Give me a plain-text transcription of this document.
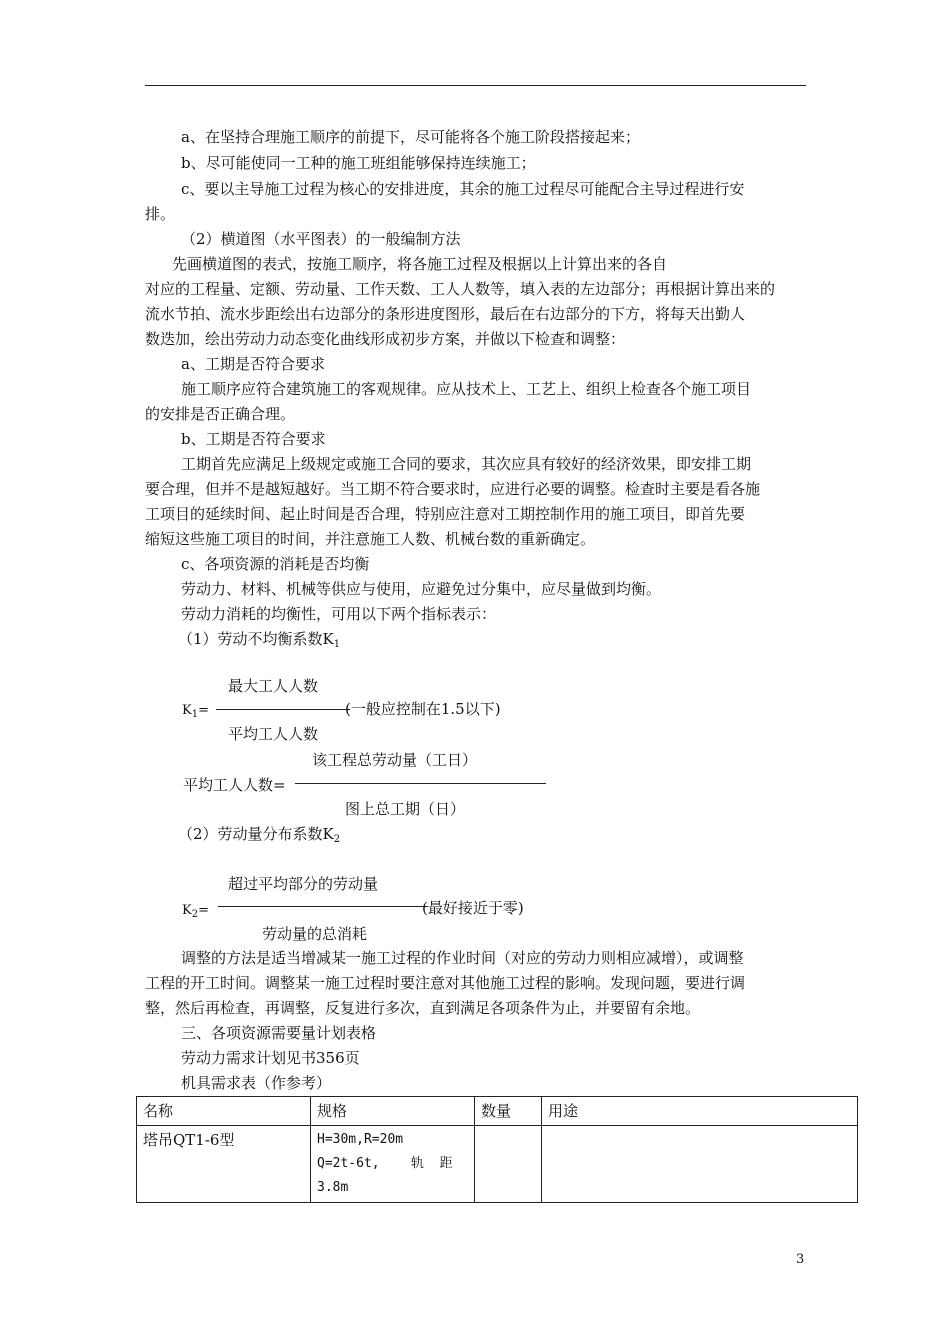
a、在坚持合理施工顺序的前提下，尽可能将各个施工阶段搭接起来；
b、尽可能使同一工种的施工班组能够保持连续施工；
c、要以主导施工过程为核心的安排进度，其余的施工过程尽可能配合主导过程进行安
排。
（2）横道图（水平图表）的一般编制方法
先画横道图的表式，按施工顺序，将各施工过程及根据以上计算出来的各自
对应的工程量、定额、劳动量、工作天数、工人人数等，填入表的左边部分；再根据计算出来的
流水节拍、流水步距绘出右边部分的条形进度图形，最后在右边部分的下方，将每天出勤人
数迭加，绘出劳动力动态变化曲线形成初步方案，并做以下检查和调整：
a、工期是否符合要求
施工顺序应符合建筑施工的客观规律。应从技术上、工艺上、组织上检查各个施工项目
的安排是否正确合理。
b、工期是否符合要求
工期首先应满足上级规定或施工合同的要求，其次应具有较好的经济效果，即安排工期
要合理，但并不是越短越好。当工期不符合要求时，应进行必要的调整。检查时主要是看各施
工项目的延续时间、起止时间是否合理，特别应注意对工期控制作用的施工项目，即首先要
缩短这些施工项目的时间，并注意施工人数、机械台数的重新确定。
c、各项资源的消耗是否均衡
劳动力、材料、机械等供应与使用，应避免过分集中，应尽量做到均衡。
劳动力消耗的均衡性，可用以下两个指标表示：
（1）劳动不均衡系数$K_1$
最大工人人数
$K_1=$	(一般应控制在1.5以下)
平均工人人数
该工程总劳动量（工日）
平均工人人数=
图上总工期（日）
（2）劳动量分布系数$K_2$
超过平均部分的劳动量
$K_2=$	(最好接近于零)
劳动量的总消耗
调整的方法是适当增减某一施工过程的作业时间（对应的劳动力则相应减增），或调整
工程的开工时间。调整某一施工过程时要注意对其他施工过程的影响。发现问题，要进行调
整，然后再检查，再调整，反复进行多次，直到满足各项条件为止，并要留有余地。
三、各项资源需要量计划表格
劳动力需求计划见书356页
机具需求表（作参考）
名称	规格	数量	用途
塔吊QT1-6型	H=30m,R=20m
Q=2t-6t,    轨  距
3.8m		

3
